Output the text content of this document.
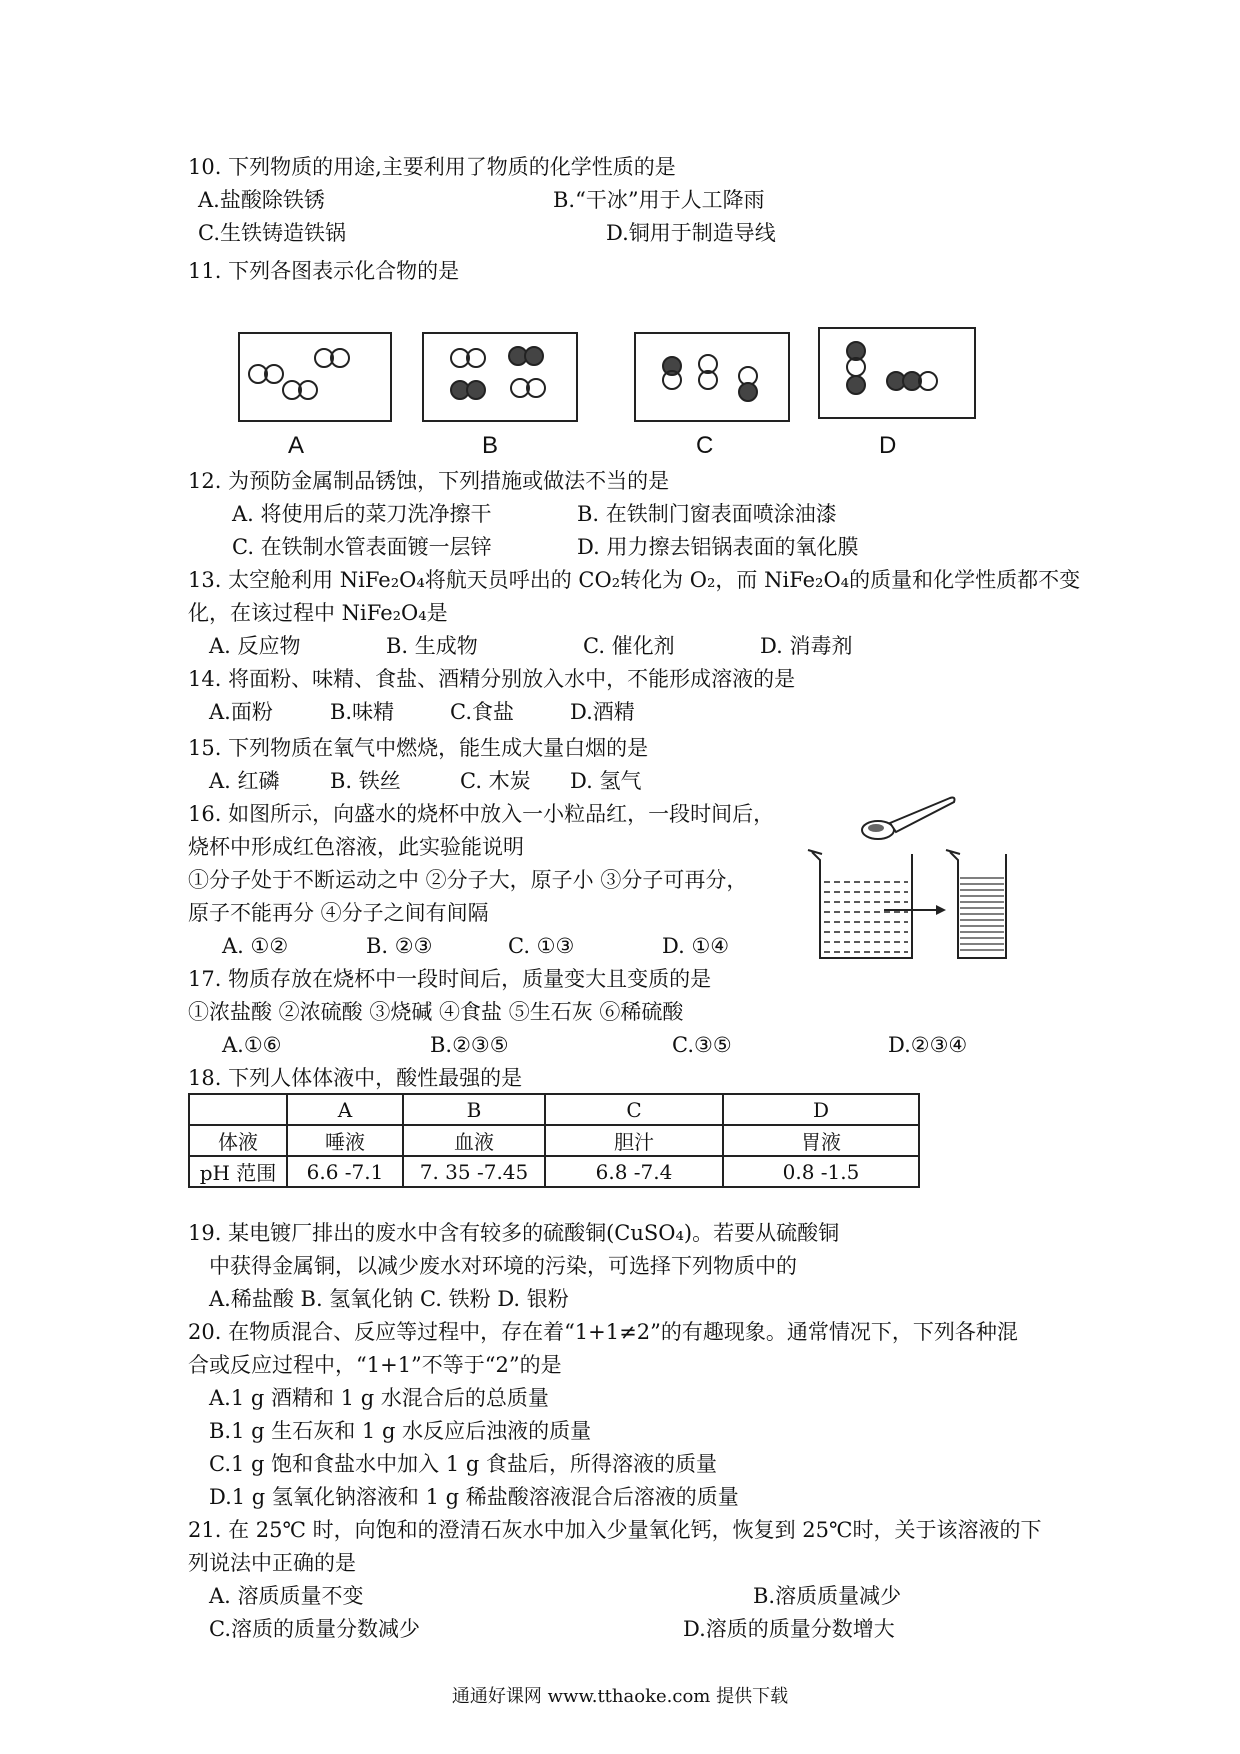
10. 下列物质的用途,主要利用了物质的化学性质的是
A.盐酸除铁锈	B.“干冰”用于人工降雨
C.生铁铸造铁锅	D.铜用于制造导线
11. 下列各图表示化合物的是
A	B	C	D
12. 为预防金属制品锈蚀，下列措施或做法不当的是
A. 将使用后的菜刀洗净擦干	B. 在铁制门窗表面喷涂油漆
C. 在铁制水管表面镀一层锌	D. 用力擦去铝锅表面的氧化膜
13. 太空舱利用 NiFe₂O₄将航天员呼出的 CO₂转化为 O₂，而 NiFe₂O₄的质量和化学性质都不变
化，在该过程中 NiFe₂O₄是
A. 反应物	B. 生成物	C. 催化剂	D. 消毒剂
14. 将面粉、味精、食盐、酒精分别放入水中，不能形成溶液的是
A.面粉	B.味精	C.食盐	D.酒精
15. 下列物质在氧气中燃烧，能生成大量白烟的是
A. 红磷 B. 铁丝	C. 木炭 D. 氢气
16. 如图所示，向盛水的烧杯中放入一小粒品红，一段时间后，
烧杯中形成红色溶液，此实验能说明
①分子处于不断运动之中 ②分子大，原子小 ③分子可再分，
原子不能再分 ④分子之间有间隔
A. ①②	B. ②③	C. ①③	D. ①④
17. 物质存放在烧杯中一段时间后，质量变大且变质的是
①浓盐酸 ②浓硫酸 ③烧碱 ④食盐 ⑤生石灰 ⑥稀硫酸
A.①⑥	B.②③⑤	C.③⑤	D.②③④
18. 下列人体体液中，酸性最强的是
	A	B	C	D
体液	唾液	血液	胆汁	胃液
pH 范围	6.6 -7.1	7. 35 -7.45	6.8 -7.4	0.8 -1.5
19. 某电镀厂排出的废水中含有较多的硫酸铜(CuSO₄)。若要从硫酸铜
中获得金属铜，以减少废水对环境的污染，可选择下列物质中的
A.稀盐酸 B. 氢氧化钠 C. 铁粉 D. 银粉
20. 在物质混合、反应等过程中，存在着“1+1≠2”的有趣现象。通常情况下，下列各种混
合或反应过程中，“1+1”不等于“2”的是
A.1 g 酒精和 1 g 水混合后的总质量
B.1 g 生石灰和 1 g 水反应后浊液的质量
C.1 g 饱和食盐水中加入 1 g 食盐后，所得溶液的质量
D.1 g 氢氧化钠溶液和 1 g 稀盐酸溶液混合后溶液的质量
21. 在 25℃ 时，向饱和的澄清石灰水中加入少量氧化钙，恢复到 25℃时，关于该溶液的下
列说法中正确的是
A. 溶质质量不变	B.溶质质量减少
C.溶质的质量分数减少	D.溶质的质量分数增大
通通好课网 www.tthaoke.com 提供下载
